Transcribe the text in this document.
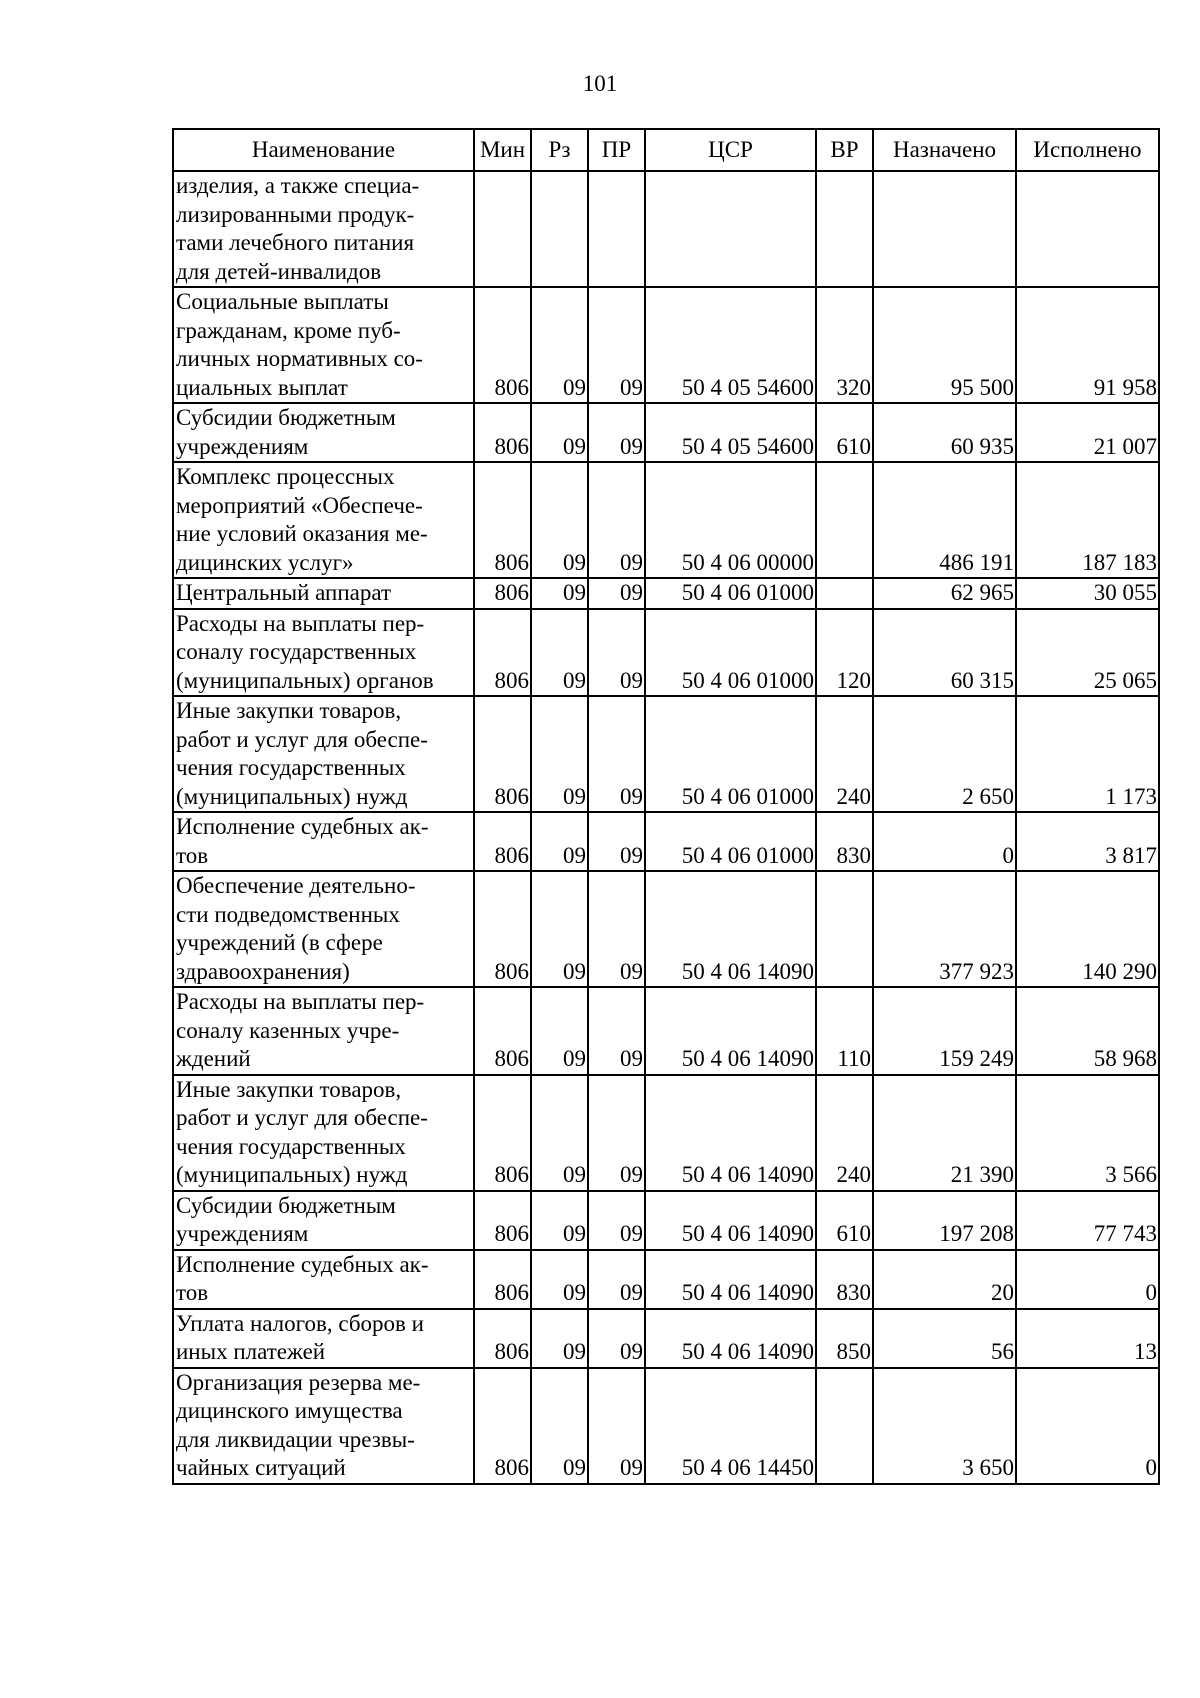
101
Наименование	Мин	Рз	ПР	ЦСР	ВР	Назначено	Исполнено
изделия, а также специа-
лизированными продук-
тами лечебного питания
для детей-инвалидов							
Социальные выплаты
гражданам, кроме пуб-
личных нормативных со-
циальных выплат	806	09	09	50 4 05 54600	320	95 500	91 958
Субсидии бюджетным
учреждениям	806	09	09	50 4 05 54600	610	60 935	21 007
Комплекс процессных
мероприятий «Обеспече-
ние условий оказания ме-
дицинских услуг»	806	09	09	50 4 06 00000		486 191	187 183
Центральный аппарат	806	09	09	50 4 06 01000		62 965	30 055
Расходы на выплаты пер-
соналу государственных
(муниципальных) органов	806	09	09	50 4 06 01000	120	60 315	25 065
Иные закупки товаров,
работ и услуг для обеспе-
чения государственных
(муниципальных) нужд	806	09	09	50 4 06 01000	240	2 650	1 173
Исполнение судебных ак-
тов	806	09	09	50 4 06 01000	830	0	3 817
Обеспечение деятельно-
сти подведомственных
учреждений (в сфере
здравоохранения)	806	09	09	50 4 06 14090		377 923	140 290
Расходы на выплаты пер-
соналу казенных учре-
ждений	806	09	09	50 4 06 14090	110	159 249	58 968
Иные закупки товаров,
работ и услуг для обеспе-
чения государственных
(муниципальных) нужд	806	09	09	50 4 06 14090	240	21 390	3 566
Субсидии бюджетным
учреждениям	806	09	09	50 4 06 14090	610	197 208	77 743
Исполнение судебных ак-
тов	806	09	09	50 4 06 14090	830	20	0
Уплата налогов, сборов и
иных платежей	806	09	09	50 4 06 14090	850	56	13
Организация резерва ме-
дицинского имущества
для ликвидации чрезвы-
чайных ситуаций	806	09	09	50 4 06 14450		3 650	0
